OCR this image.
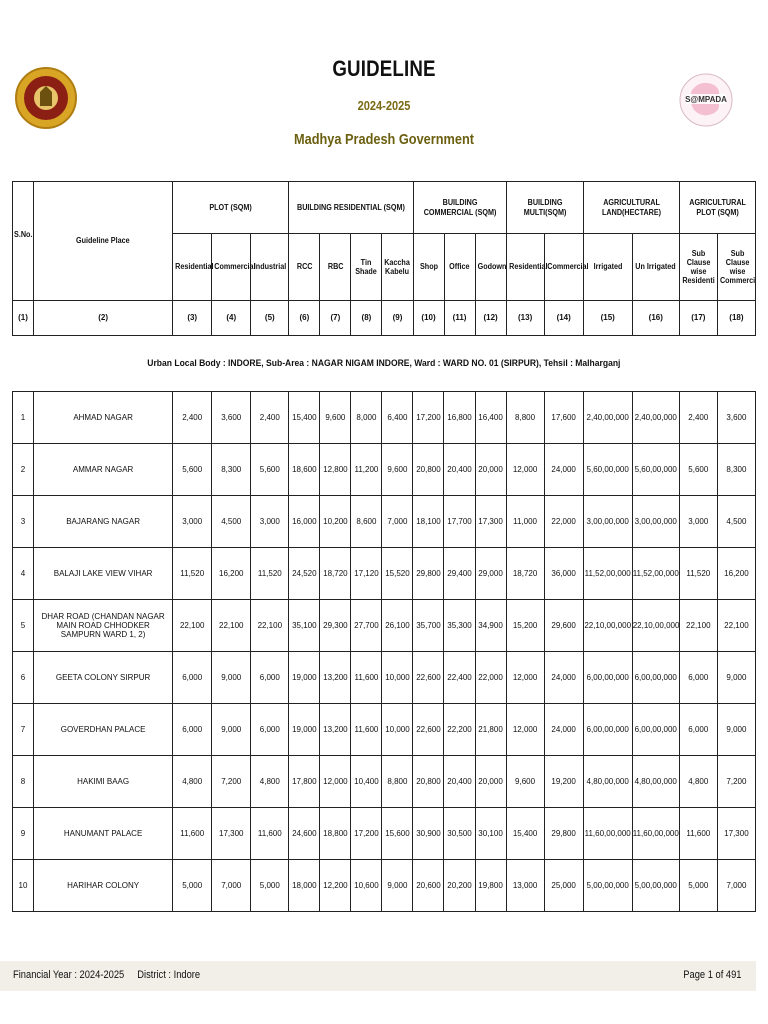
GUIDELINE
2024-2025
Madhya Pradesh Government
S@MPADA
S.No.	Guideline Place	PLOT (SQM)			BUILDING RESIDENTIAL (SQM)				BUILDING COMMERCIAL (SQM)			BUILDING MULTI(SQM)		AGRICULTURAL LAND(HECTARE)		AGRICULTURAL PLOT (SQM)	
		Residential	Commercial	Industrial	RCC	RBC	Tin Shade	Kaccha Kabelu	Shop	Office	Godown	Residential	Commercial	Irrigated	Un Irrigated	Sub Clause wise Residenti	Sub Clause wise Commerci
(1)	(2)	(3)	(4)	(5)	(6)	(7)	(8)	(9)	(10)	(11)	(12)	(13)	(14)	(15)	(16)	(17)	(18)
Urban Local Body : INDORE, Sub-Area : NAGAR NIGAM INDORE, Ward : WARD NO. 01 (SIRPUR), Tehsil : Malharganj
1	AHMAD NAGAR	2,400	3,600	2,400	15,400	9,600	8,000	6,400	17,200	16,800	16,400	8,800	17,600	2,40,00,000	2,40,00,000	2,400	3,600
2	AMMAR NAGAR	5,600	8,300	5,600	18,600	12,800	11,200	9,600	20,800	20,400	20,000	12,000	24,000	5,60,00,000	5,60,00,000	5,600	8,300
3	BAJARANG NAGAR	3,000	4,500	3,000	16,000	10,200	8,600	7,000	18,100	17,700	17,300	11,000	22,000	3,00,00,000	3,00,00,000	3,000	4,500
4	BALAJI LAKE VIEW VIHAR	11,520	16,200	11,520	24,520	18,720	17,120	15,520	29,800	29,400	29,000	18,720	36,000	11,52,00,000	11,52,00,000	11,520	16,200
5	DHAR ROAD (CHANDAN NAGAR MAIN ROAD CHHODKER SAMPURN WARD 1, 2)	22,100	22,100	22,100	35,100	29,300	27,700	26,100	35,700	35,300	34,900	15,200	29,600	22,10,00,000	22,10,00,000	22,100	22,100
6	GEETA COLONY SIRPUR	6,000	9,000	6,000	19,000	13,200	11,600	10,000	22,600	22,400	22,000	12,000	24,000	6,00,00,000	6,00,00,000	6,000	9,000
7	GOVERDHAN PALACE	6,000	9,000	6,000	19,000	13,200	11,600	10,000	22,600	22,200	21,800	12,000	24,000	6,00,00,000	6,00,00,000	6,000	9,000
8	HAKIMI BAAG	4,800	7,200	4,800	17,800	12,000	10,400	8,800	20,800	20,400	20,000	9,600	19,200	4,80,00,000	4,80,00,000	4,800	7,200
9	HANUMANT PALACE	11,600	17,300	11,600	24,600	18,800	17,200	15,600	30,900	30,500	30,100	15,400	29,800	11,60,00,000	11,60,00,000	11,600	17,300
10	HARIHAR COLONY	5,000	7,000	5,000	18,000	12,200	10,600	9,000	20,600	20,200	19,800	13,000	25,000	5,00,00,000	5,00,00,000	5,000	7,000
Financial Year : 2024-2025     District : Indore	Page 1 of 491
